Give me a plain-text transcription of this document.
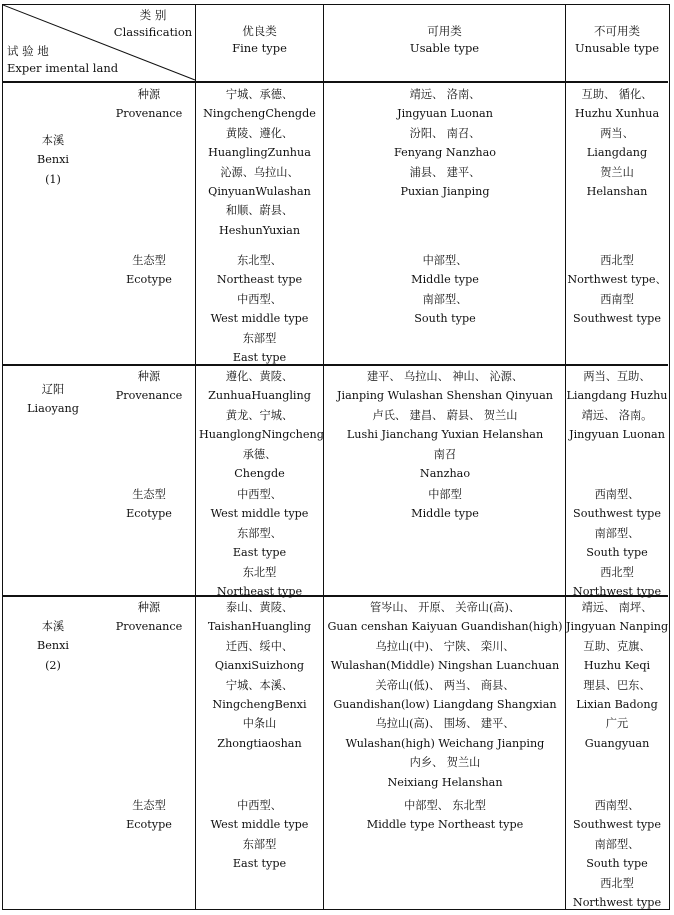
类 别
Classification
试 验 地
Exper imental land
优良类
Fine type
可用类
Usable type
不可用类
Unusable type
本溪
Benxi
(1)
种源
Provenance
宁城、承德、
NingchengChengde
黄陵、遵化、
HuanglingZunhua
沁源、乌拉山、
QinyuanWulashan
和顺、蔚县、
HeshunYuxian
靖远、 洛南、
Jingyuan Luonan
汾阳、 南召、
Fenyang Nanzhao
浦县、 建平、
Puxian Jianping
互助、 循化、
Huzhu Xunhua
两当、
Liangdang
贺兰山
Helanshan
生态型
Ecotype
东北型、
Northeast type
中西型、
West middle type
东部型
East type
中部型、
Middle type
南部型、
South type
西北型
Northwest type、
西南型
Southwest type
辽阳
Liaoyang
种源
Provenance
遵化、黄陵、
ZunhuaHuangling
黄龙、宁城、
HuanglongNingcheng
承德、
Chengde
建平、 乌拉山、 神山、 沁源、
Jianping Wulashan Shenshan Qinyuan
卢氏、 建昌、 蔚县、 贺兰山
Lushi Jianchang Yuxian Helanshan
南召
Nanzhao
两当、互助、
Liangdang Huzhu
靖远、 洛南。
Jingyuan Luonan
生态型
Ecotype
中西型、
West middle type
东部型、
East type
东北型
Northeast type
中部型
Middle type
西南型、
Southwest type
南部型、
South type
西北型
Northwest type
本溪
Benxi
(2)
种源
Provenance
泰山、黄陵、
TaishanHuangling
迁西、绥中、
QianxiSuizhong
宁城、本溪、
NingchengBenxi
中条山
Zhongtiaoshan
管岑山、 开原、 关帝山(高)、
Guan censhan Kaiyuan Guandishan(high)
乌拉山(中)、 宁陕、 栾川、
Wulashan(Middle) Ningshan Luanchuan
关帝山(低)、 两当、 商县、
Guandishan(low) Liangdang Shangxian
乌拉山(高)、 围场、 建平、
Wulashan(high) Weichang Jianping
内乡、 贺兰山
Neixiang Helanshan
靖远、 南坪、
Jingyuan Nanping
互助、克旗、
Huzhu Keqi
理县、巴东、
Lixian Badong
广元
Guangyuan
生态型
Ecotype
中西型、
West middle type
东部型
East type
中部型、 东北型
Middle type Northeast type
西南型、
Southwest type
南部型、
South type
西北型
Northwest type
